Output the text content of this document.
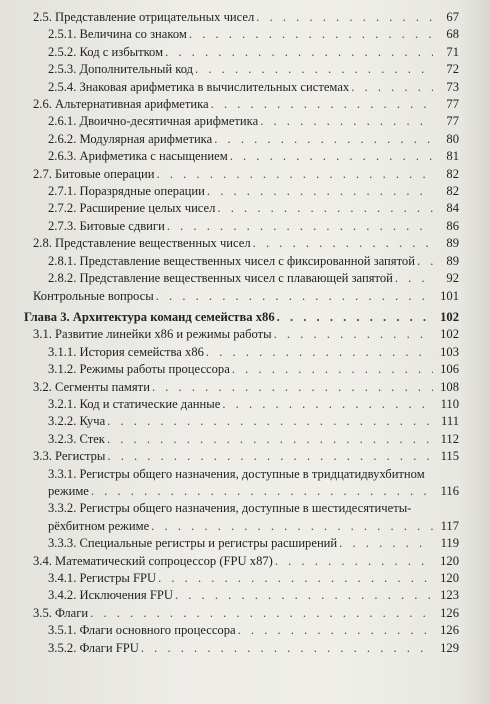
2.5. Представление отрицательных чисел . . .	67
2.5.1. Величина со знаком . . .	68
2.5.2. Код с избытком . . .	71
2.5.3. Дополнительный код . . .	72
2.5.4. Знаковая арифметика в вычислительных системах . . .	73
2.6. Альтернативная арифметика . . .	77
2.6.1. Двоично-десятичная арифметика . . .	77
2.6.2. Модулярная арифметика . . .	80
2.6.3. Арифметика с насыщением . . .	81
2.7. Битовые операции . . .	82
2.7.1. Поразрядные операции . . .	82
2.7.2. Расширение целых чисел . . .	84
2.7.3. Битовые сдвиги . . .	86
2.8. Представление вещественных чисел . . .	89
2.8.1. Представление вещественных чисел с фиксированной запятой . . .	89
2.8.2. Представление вещественных чисел с плавающей запятой . . .	92
Контрольные вопросы . . .	101
Глава 3. Архитектура команд семейства x86 . . .	102
3.1. Развитие линейки x86 и режимы работы . . .	102
3.1.1. История семейства x86 . . .	103
3.1.2. Режимы работы процессора . . .	106
3.2. Сегменты памяти . . .	108
3.2.1. Код и статические данные . . .	110
3.2.2. Куча . . .	111
3.2.3. Стек . . .	112
3.3. Регистры . . .	115
3.3.1. Регистры общего назначения, доступные в тридцатидвухбитном
режиме . . .	116
3.3.2. Регистры общего назначения, доступные в шестидесятичеты-
рёхбитном режиме . . .	117
3.3.3. Специальные регистры и регистры расширений . . .	119
3.4. Математический сопроцессор (FPU x87) . . .	120
3.4.1. Регистры FPU . . .	120
3.4.2. Исключения FPU . . .	123
3.5. Флаги . . .	126
3.5.1. Флаги основного процессора . . .	126
3.5.2. Флаги FPU . . .	129
